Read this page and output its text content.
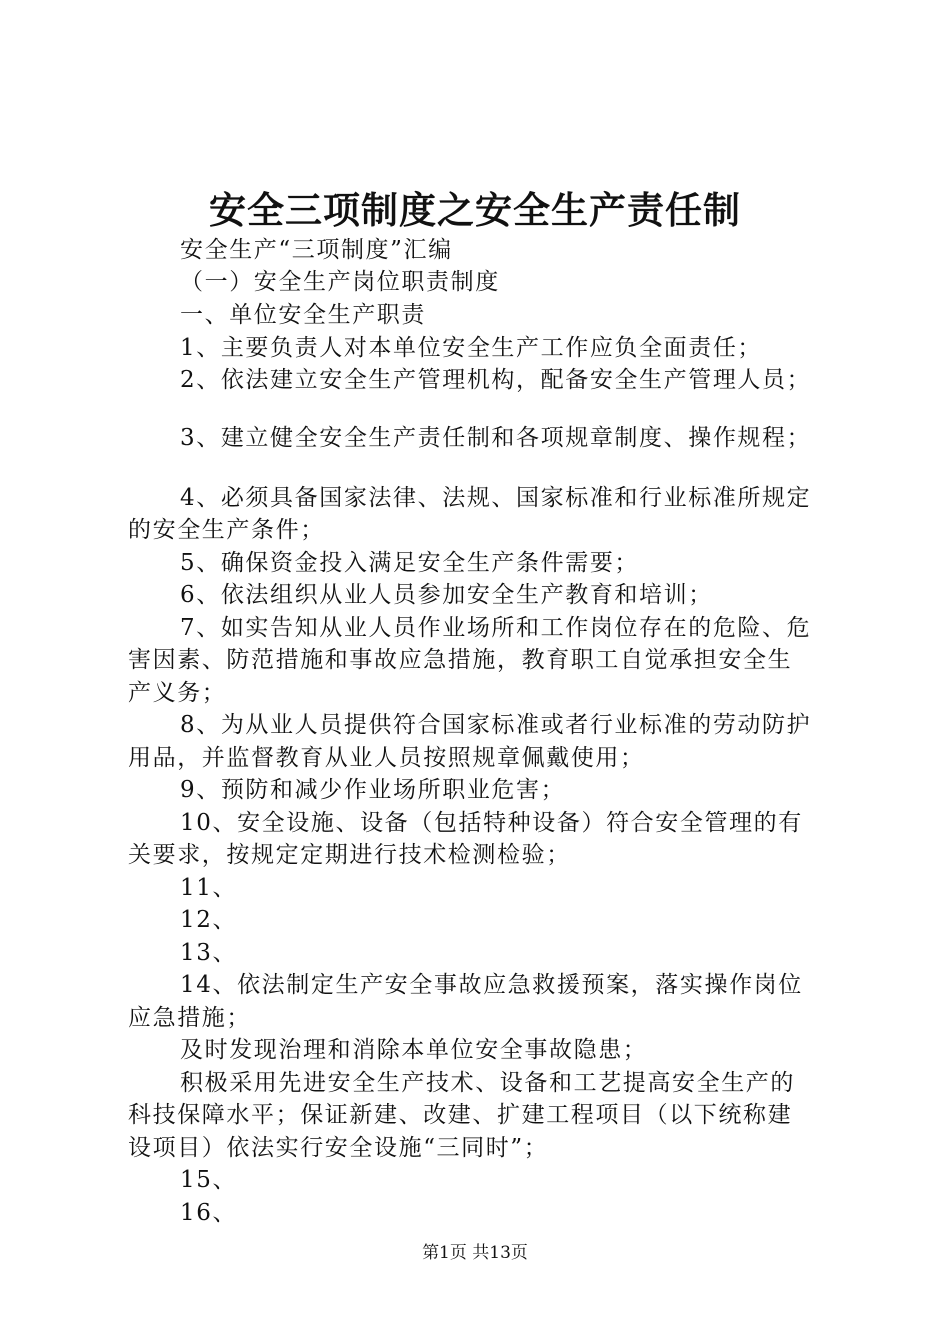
安全三项制度之安全生产责任制
安全生产“三项制度”汇编
（一）安全生产岗位职责制度
一、单位安全生产职责
1、主要负责人对本单位安全生产工作应负全面责任；
2、依法建立安全生产管理机构，配备安全生产管理人员；
3、建立健全安全生产责任制和各项规章制度、操作规程；
4、必须具备国家法律、法规、国家标准和行业标准所规定
的安全生产条件；
5、确保资金投入满足安全生产条件需要；
6、依法组织从业人员参加安全生产教育和培训；
7、如实告知从业人员作业场所和工作岗位存在的危险、危
害因素、防范措施和事故应急措施，教育职工自觉承担安全生
产义务；
8、为从业人员提供符合国家标准或者行业标准的劳动防护
用品，并监督教育从业人员按照规章佩戴使用；
9、预防和减少作业场所职业危害；
10、安全设施、设备（包括特种设备）符合安全管理的有
关要求，按规定定期进行技术检测检验；
11、
12、
13、
14、依法制定生产安全事故应急救援预案，落实操作岗位
应急措施；
及时发现治理和消除本单位安全事故隐患；
积极采用先进安全生产技术、设备和工艺提高安全生产的
科技保障水平；保证新建、改建、扩建工程项目（以下统称建
设项目）依法实行安全设施“三同时”；
15、
16、
第1页 共13页
